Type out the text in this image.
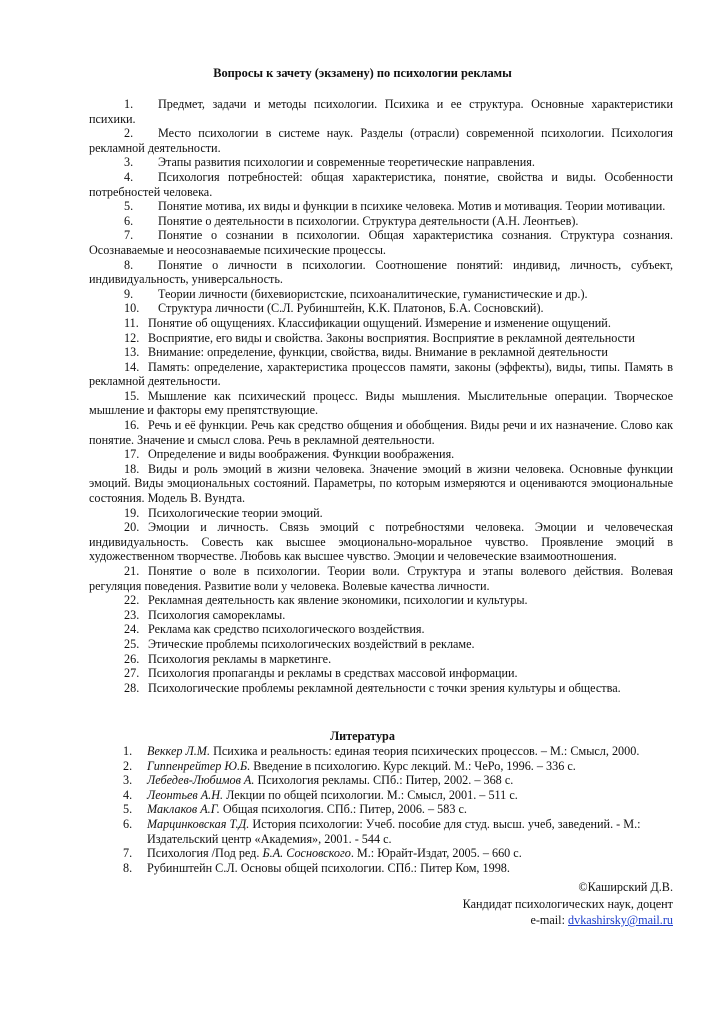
Вопросы к зачету (экзамену) по психологии рекламы

1. Предмет, задачи и методы психологии. Психика и ее структура. Основные характеристики психики.

2. Место психологии в системе наук. Разделы (отрасли) современной психологии. Психология рекламной деятельности.

3. Этапы развития психологии и современные теоретические направления.

4. Психология потребностей: общая характеристика, понятие, свойства и виды. Особенности потребностей человека.

5. Понятие мотива, их виды и функции в психике человека. Мотив и мотивация. Теории мотивации.

6. Понятие о деятельности в психологии. Структура деятельности (А.Н. Леонтьев).

7. Понятие о сознании в психологии. Общая характеристика сознания. Структура сознания. Осознаваемые и неосознаваемые психические процессы.

8. Понятие о личности в психологии. Соотношение понятий: индивид, личность, субъект, индивидуальность, универсальность.

9. Теории личности (бихевиористские, психоаналитические, гуманистические и др.).

10. Структура личности (С.Л. Рубинштейн, К.К. Платонов, Б.А. Сосновский).

11. Понятие об ощущениях. Классификации ощущений. Измерение и изменение ощущений.

12. Восприятие, его виды и свойства. Законы восприятия. Восприятие в рекламной деятельности

13. Внимание: определение, функции, свойства, виды. Внимание в рекламной деятельности

14. Память: определение, характеристика процессов памяти, законы (эффекты), виды, типы. Память в рекламной деятельности.

15. Мышление как психический процесс. Виды мышления. Мыслительные операции. Творческое мышление и факторы ему препятствующие.

16. Речь и её функции. Речь как средство общения и обобщения. Виды речи и их назначение. Слово как понятие. Значение и смысл слова. Речь в рекламной деятельности.

17. Определение и виды воображения. Функции воображения.

18. Виды и роль эмоций в жизни человека. Значение эмоций в жизни человека. Основные функции эмоций. Виды эмоциональных состояний. Параметры, по которым измеряются и оцениваются эмоциональные состояния. Модель В. Вундта.

19. Психологические теории эмоций.

20. Эмоции и личность. Связь эмоций с потребностями человека. Эмоции и человеческая индивидуальность. Совесть как высшее эмоционально-моральное чувство. Проявление эмоций в художественном творчестве. Любовь как высшее чувство. Эмоции и человеческие взаимоотношения.

21. Понятие о воле в психологии. Теории воли. Структура и этапы волевого действия. Волевая регуляция поведения. Развитие воли у человека. Волевые качества личности.

22. Рекламная деятельность как явление экономики, психологии и культуры.

23. Психология саморекламы.

24. Реклама как средство психологического воздействия.

25. Этические проблемы психологических воздействий в рекламе.

26. Психология рекламы в маркетинге.

27. Психология пропаганды и рекламы в средствах массовой информации.

28. Психологические проблемы рекламной деятельности с точки зрения культуры и общества.

Литература
1. Веккер Л.М. Психика и реальность: единая теория психических процессов. – М.: Смысл, 2000.
2. Гиппенрейтер Ю.Б. Введение в психологию. Курс лекций. М.: ЧеРо, 1996. – 336 с.
3. Лебедев-Любимов А. Психология рекламы. СПб.: Питер, 2002. – 368 с.
4. Леонтьев А.Н. Лекции по общей психологии. М.: Смысл, 2001. – 511 с.
5. Маклаков А.Г. Общая психология. СПб.: Питер, 2006. – 583 с.
6. Марцинковская Т.Д. История психологии: Учеб. пособие для студ. высш. учеб, заведений. - М.: Издательский центр «Академия», 2001. - 544 с.
7. Психология /Под ред. Б.А. Сосновского. М.: Юрайт-Издат, 2005. – 660 с.
8. Рубинштейн С.Л. Основы общей психологии. СПб.: Питер Ком, 1998.
©Каширский Д.В.
Кандидат психологических наук, доцент
e-mail: dvkashirsky@mail.ru
